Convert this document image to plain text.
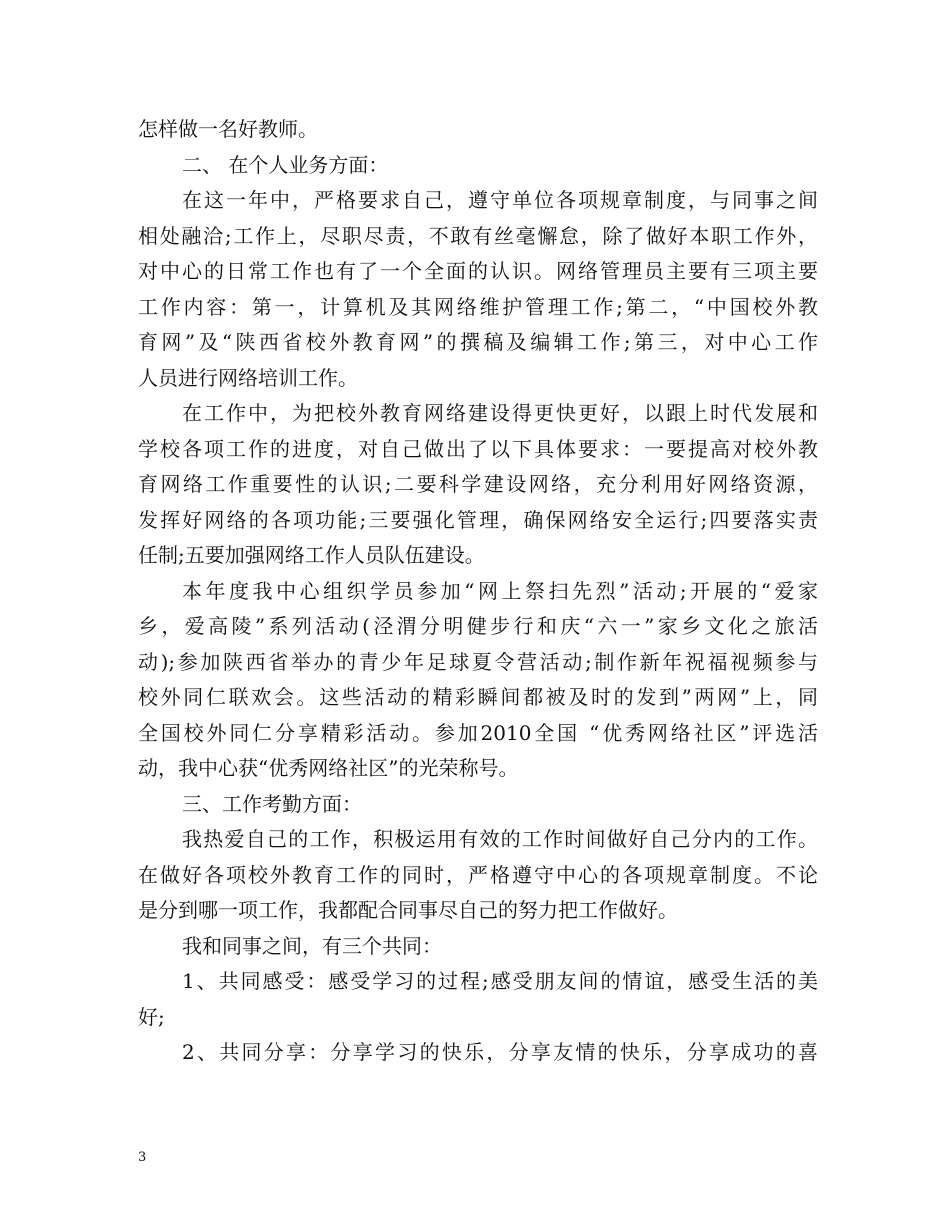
怎样做一名好教师。
二、 在个人业务方面：
在这一年中，严格要求自己，遵守单位各项规章制度，与同事之间
相处融洽;工作上，尽职尽责，不敢有丝毫懈怠，除了做好本职工作外，
对中心的日常工作也有了一个全面的认识。网络管理员主要有三项主要
工作内容：第一，计算机及其网络维护管理工作;第二，“中国校外教
育网”及“陕西省校外教育网”的撰稿及编辑工作;第三，对中心工作
人员进行网络培训工作。
在工作中，为把校外教育网络建设得更快更好，以跟上时代发展和
学校各项工作的进度，对自己做出了以下具体要求：一要提高对校外教
育网络工作重要性的认识;二要科学建设网络，充分利用好网络资源，
发挥好网络的各项功能;三要强化管理，确保网络安全运行;四要落实责
任制;五要加强网络工作人员队伍建设。
本年度我中心组织学员参加“网上祭扫先烈”活动;开展的“爱家
乡，爱高陵”系列活动(泾渭分明健步行和庆“六一”家乡文化之旅活
动);参加陕西省举办的青少年足球夏令营活动;制作新年祝福视频参与
校外同仁联欢会。这些活动的精彩瞬间都被及时的发到”两网”上，同
全国校外同仁分享精彩活动。参加2010全国 “优秀网络社区”评选活
动，我中心获“优秀网络社区”的光荣称号。
三、工作考勤方面：
我热爱自己的工作，积极运用有效的工作时间做好自己分内的工作。
在做好各项校外教育工作的同时，严格遵守中心的各项规章制度。不论
是分到哪一项工作，我都配合同事尽自己的努力把工作做好。
我和同事之间，有三个共同：
1、共同感受：感受学习的过程;感受朋友间的情谊，感受生活的美
好;
2、共同分享：分享学习的快乐，分享友情的快乐，分享成功的喜
3
